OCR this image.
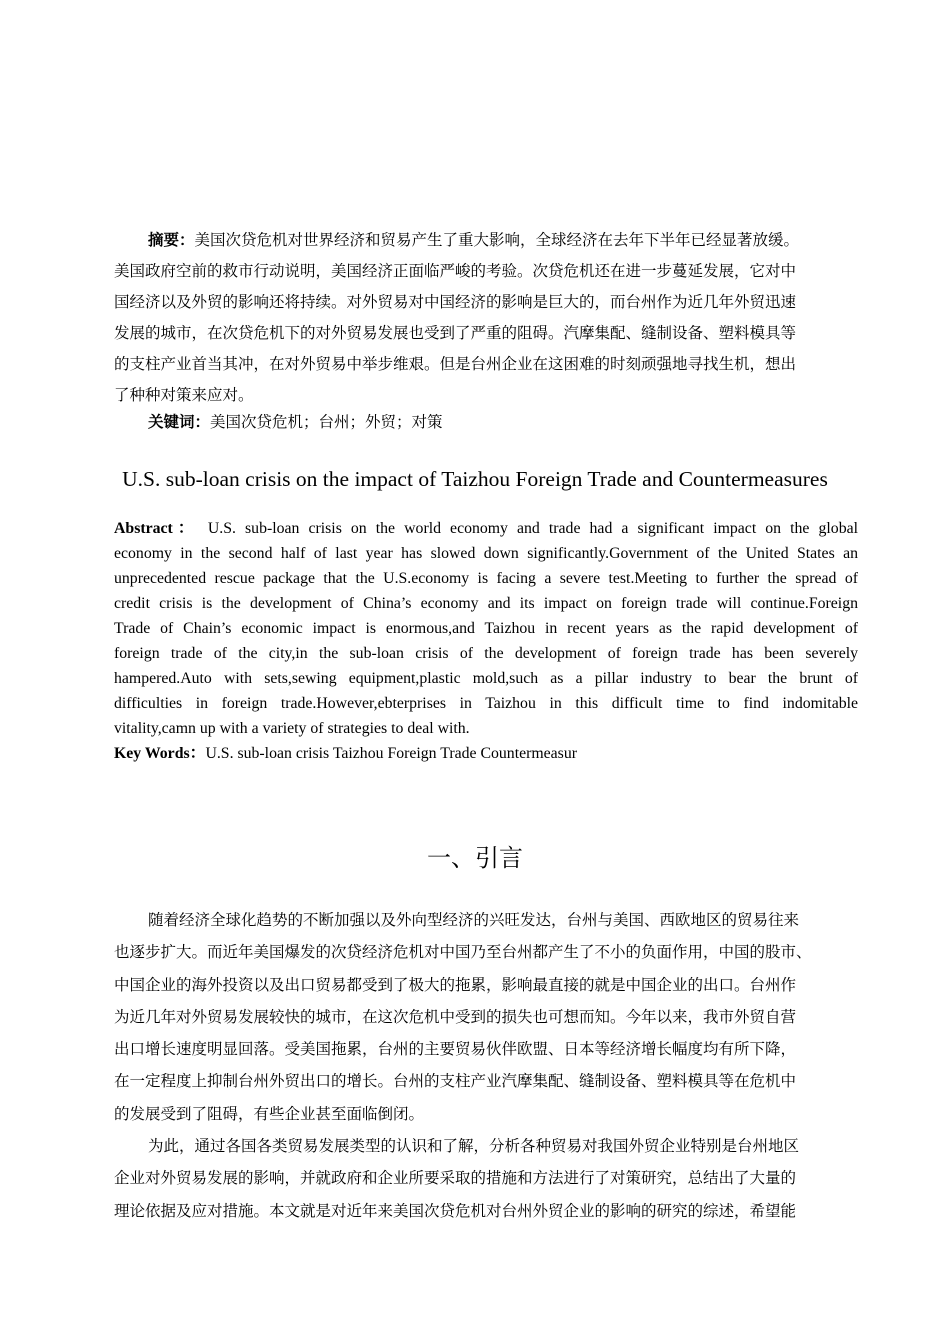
摘要：美国次贷危机对世界经济和贸易产生了重大影响，全球经济在去年下半年已经显著放缓。
美国政府空前的救市行动说明，美国经济正面临严峻的考验。次贷危机还在进一步蔓延发展，它对中
国经济以及外贸的影响还将持续。对外贸易对中国经济的影响是巨大的，而台州作为近几年外贸迅速
发展的城市，在次贷危机下的对外贸易发展也受到了严重的阻碍。汽摩集配、缝制设备、塑料模具等
的支柱产业首当其冲，在对外贸易中举步维艰。但是台州企业在这困难的时刻顽强地寻找生机，想出
了种种对策来应对。
关键词：美国次贷危机；台州；外贸；对策
U.S. sub-loan crisis on the impact of Taizhou Foreign Trade and Countermeasures
Abstract： U.S. sub-loan crisis on the world economy and trade had a significant impact on the global
economy in the second half of last year has slowed down significantly.Government of the United States an
unprecedented rescue package that the U.S.economy is facing a severe test.Meeting to further the spread of
credit crisis is the development of China’s economy and its impact on foreign trade will continue.Foreign
Trade of Chain’s economic impact is enormous,and Taizhou in recent years as the rapid development of
foreign trade of the city,in the sub-loan crisis of the development of foreign trade has been severely
hampered.Auto with sets,sewing equipment,plastic mold,such as a pillar industry to bear the brunt of
difficulties in foreign trade.However,ebterprises in Taizhou in this difficult time to find indomitable
vitality,camn up with a variety of strategies to deal with.
Key Words：U.S. sub-loan crisis Taizhou Foreign Trade Countermeasur
一、引言
随着经济全球化趋势的不断加强以及外向型经济的兴旺发达，台州与美国、西欧地区的贸易往来
也逐步扩大。而近年美国爆发的次贷经济危机对中国乃至台州都产生了不小的负面作用，中国的股市、
中国企业的海外投资以及出口贸易都受到了极大的拖累，影响最直接的就是中国企业的出口。台州作
为近几年对外贸易发展较快的城市，在这次危机中受到的损失也可想而知。今年以来，我市外贸自营
出口增长速度明显回落。受美国拖累，台州的主要贸易伙伴欧盟、日本等经济增长幅度均有所下降，
在一定程度上抑制台州外贸出口的增长。台州的支柱产业汽摩集配、缝制设备、塑料模具等在危机中
的发展受到了阻碍，有些企业甚至面临倒闭。
为此，通过各国各类贸易发展类型的认识和了解，分析各种贸易对我国外贸企业特别是台州地区
企业对外贸易发展的影响，并就政府和企业所要采取的措施和方法进行了对策研究，总结出了大量的
理论依据及应对措施。本文就是对近年来美国次贷危机对台州外贸企业的影响的研究的综述，希望能
